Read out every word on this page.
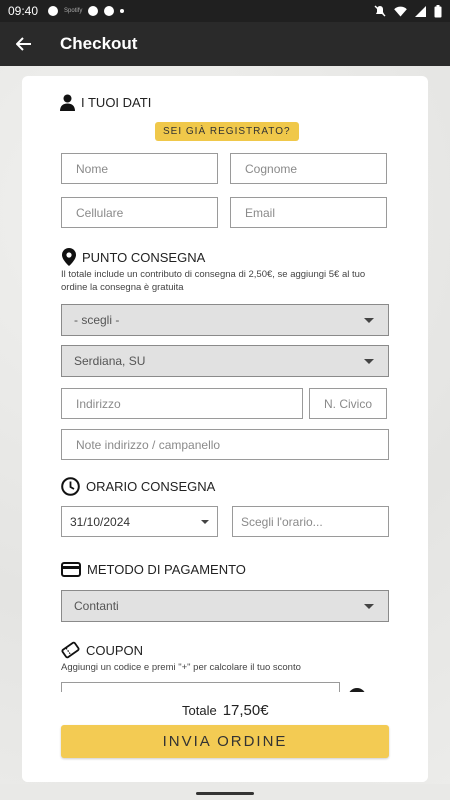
09:40	Spotify
Checkout
I TUOI DATI
SEI GIÀ REGISTRATO?
Nome	Cognome
Cellulare	Email
PUNTO CONSEGNA
Il totale include un contributo di consegna di 2,50€, se aggiungi 5€ al tuo ordine la consegna è gratuita
- scegli -
Serdiana, SU
Indirizzo	N. Civico
Note indirizzo / campanello
ORARIO CONSEGNA
31/10/2024	Scegli l'orario...
METODO DI PAGAMENTO
Contanti
COUPON
Aggiungi un codice e premi "+" per calcolare il tuo sconto
Totale 17,50€
INVIA ORDINE
